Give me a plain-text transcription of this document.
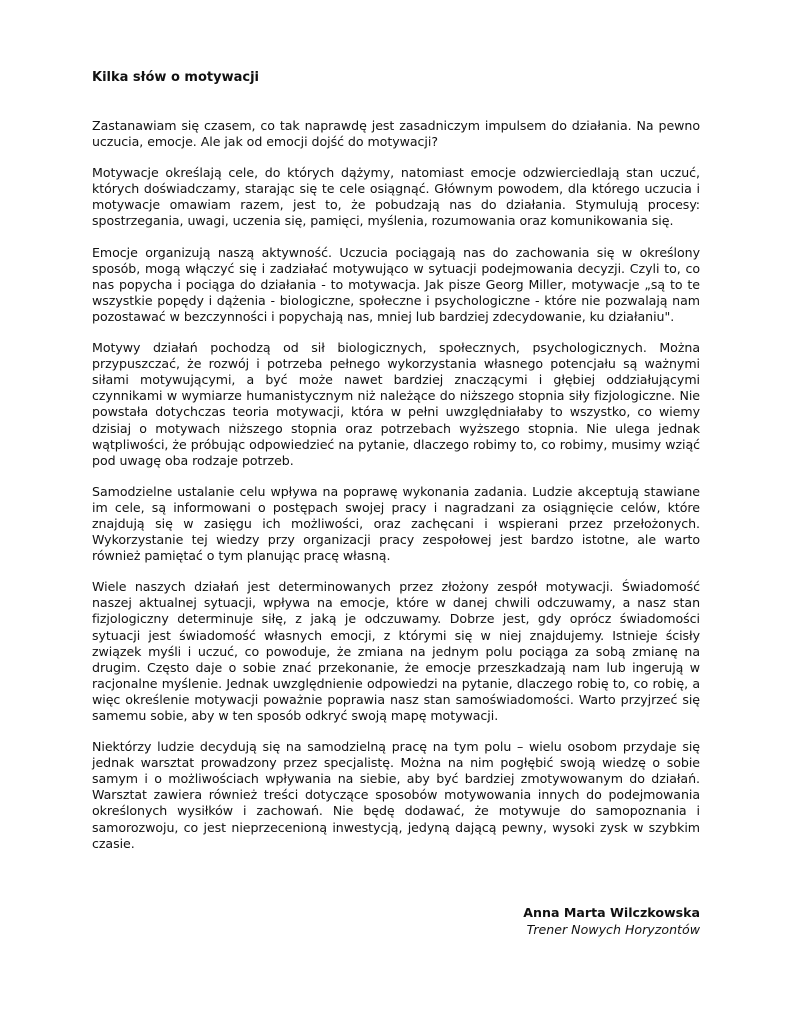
Kilka słów o motywacji

Zastanawiam się czasem, co tak naprawdę jest zasadniczym impulsem do działania. Na pewno uczucia, emocje. Ale jak od emocji dojść do motywacji?

Motywacje określają cele, do których dążymy, natomiast emocje odzwierciedlają stan uczuć, których doświadczamy, starając się te cele osiągnąć. Głównym powodem, dla którego uczucia i motywacje omawiam razem, jest to, że pobudzają nas do działania. Stymulują procesy: spostrzegania, uwagi, uczenia się, pamięci, myślenia, rozumowania oraz komunikowania się.

Emocje organizują naszą aktywność. Uczucia pociągają nas do zachowania się w określony sposób, mogą włączyć się i zadziałać motywująco w sytuacji podejmowania decyzji. Czyli to, co nas popycha i pociąga do działania - to motywacja. Jak pisze Georg Miller, motywacje „są to te wszystkie popędy i dążenia - biologiczne, społeczne i psychologiczne - które nie pozwalają nam pozostawać w bezczynności i popychają nas, mniej lub bardziej zdecydowanie, ku działaniu".

Motywy działań pochodzą od sił biologicznych, społecznych, psychologicznych. Można przypuszczać, że rozwój i potrzeba pełnego wykorzystania własnego potencjału są ważnymi siłami motywującymi, a być może nawet bardziej znaczącymi i głębiej oddziałującymi czynnikami w wymiarze humanistycznym niż należące do niższego stopnia siły fizjologiczne. Nie powstała dotychczas teoria motywacji, która w pełni uwzględniałaby to wszystko, co wiemy dzisiaj o motywach niższego stopnia oraz potrzebach wyższego stopnia. Nie ulega jednak wątpliwości, że próbując odpowiedzieć na pytanie, dlaczego robimy to, co robimy, musimy wziąć pod uwagę oba rodzaje potrzeb.

Samodzielne ustalanie celu wpływa na poprawę wykonania zadania. Ludzie akceptują stawiane im cele, są informowani o postępach swojej pracy i nagradzani za osiągnięcie celów, które znajdują się w zasięgu ich możliwości, oraz zachęcani i wspierani przez przełożonych. Wykorzystanie tej wiedzy przy organizacji pracy zespołowej jest bardzo istotne, ale warto również pamiętać o tym planując pracę własną.

Wiele naszych działań jest determinowanych przez złożony zespół motywacji. Świadomość naszej aktualnej sytuacji, wpływa na emocje, które w danej chwili odczuwamy, a nasz stan fizjologiczny determinuje siłę, z jaką je odczuwamy. Dobrze jest, gdy oprócz świadomości sytuacji jest świadomość własnych emocji, z którymi się w niej znajdujemy. Istnieje ścisły związek myśli i uczuć, co powoduje, że zmiana na jednym polu pociąga za sobą zmianę na drugim. Często daje o sobie znać przekonanie, że emocje przeszkadzają nam lub ingerują w racjonalne myślenie. Jednak uwzględnienie odpowiedzi na pytanie, dlaczego robię to, co robię, a więc określenie motywacji poważnie poprawia nasz stan samoświadomości. Warto przyjrzeć się samemu sobie, aby w ten sposób odkryć swoją mapę motywacji.

Niektórzy ludzie decydują się na samodzielną pracę na tym polu – wielu osobom przydaje się jednak warsztat prowadzony przez specjalistę. Można na nim pogłębić swoją wiedzę o sobie samym i o możliwościach wpływania na siebie, aby być bardziej zmotywowanym do działań. Warsztat zawiera również treści dotyczące sposobów motywowania innych do podejmowania określonych wysiłków i zachowań. Nie będę dodawać, że motywuje do samopoznania i samorozwoju, co jest nieprzecenioną inwestycją, jedyną dającą pewny, wysoki zysk w szybkim czasie.

Anna Marta Wilczkowska
Trener Nowych Horyzontów
